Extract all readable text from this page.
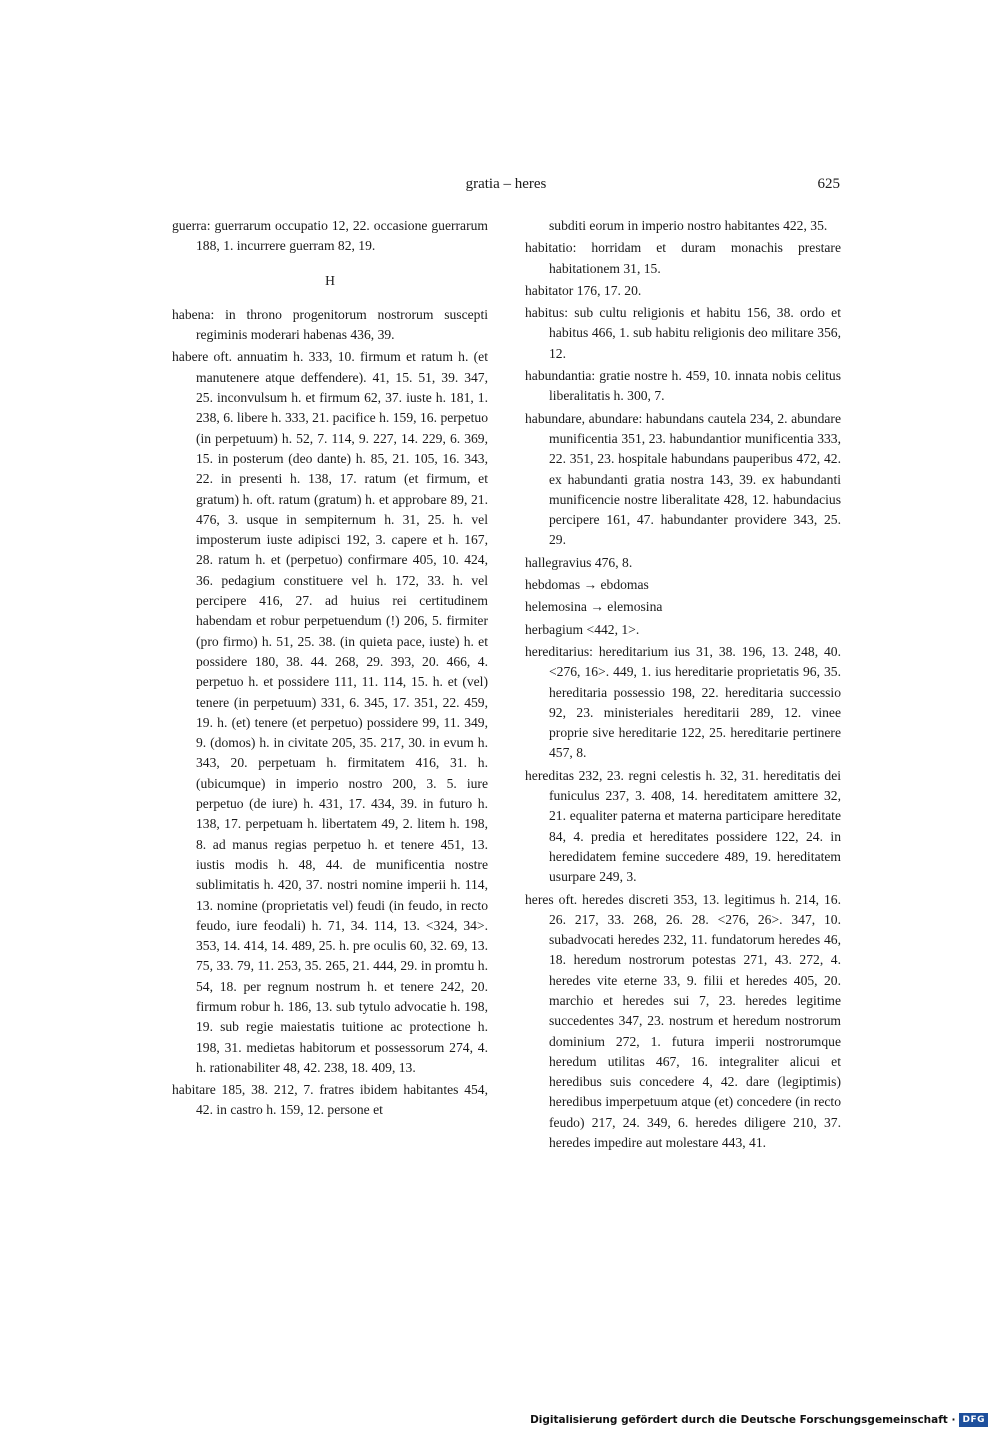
gratia – heres	625

guerra: guerrarum occupatio 12, 22. occasione guerrarum 188, 1. incurrere guerram 82, 19.

H

habena: in throno progenitorum nostrorum suscepti regiminis moderari habenas 436, 39.

habere oft. annuatim h. 333, 10. firmum et ratum h. (et manutenere atque deffendere). 41, 15. 51, 39. 347, 25. inconvulsum h. et firmum 62, 37. iuste h. 181, 1. 238, 6. libere h. 333, 21. pacifice h. 159, 16. perpetuo (in perpetuum) h. 52, 7. 114, 9. 227, 14. 229, 6. 369, 15. in posterum (deo dante) h. 85, 21. 105, 16. 343, 22. in presenti h. 138, 17. ratum (et firmum, et gratum) h. oft. ratum (gratum) h. et approbare 89, 21. 476, 3. usque in sempiternum h. 31, 25. h. vel imposterum iuste adipisci 192, 3. capere et h. 167, 28. ratum h. et (perpetuo) confirmare 405, 10. 424, 36. pedagium constituere vel h. 172, 33. h. vel percipere 416, 27. ad huius rei certitudinem habendam et robur perpetuendum (!) 206, 5. firmiter (pro firmo) h. 51, 25. 38. (in quieta pace, iuste) h. et possidere 180, 38. 44. 268, 29. 393, 20. 466, 4. perpetuo h. et possidere 111, 11. 114, 15. h. et (vel) tenere (in perpetuum) 331, 6. 345, 17. 351, 22. 459, 19. h. (et) tenere (et perpetuo) possidere 99, 11. 349, 9. (domos) h. in civitate 205, 35. 217, 30. in evum h. 343, 20. perpetuam h. firmitatem 416, 31. h. (ubicumque) in imperio nostro 200, 3. 5. iure perpetuo (de iure) h. 431, 17. 434, 39. in futuro h. 138, 17. perpetuam h. libertatem 49, 2. litem h. 198, 8. ad manus regias perpetuo h. et tenere 451, 13. iustis modis h. 48, 44. de munificentia nostre sublimitatis h. 420, 37. nostri nomine imperii h. 114, 13. nomine (proprietatis vel) feudi (in feudo, in recto feudo, iure feodali) h. 71, 34. 114, 13. <324, 34>. 353, 14. 414, 14. 489, 25. h. pre oculis 60, 32. 69, 13. 75, 33. 79, 11. 253, 35. 265, 21. 444, 29. in promtu h. 54, 18. per regnum nostrum h. et tenere 242, 20. firmum robur h. 186, 13. sub tytulo advocatie h. 198, 19. sub regie maiestatis tuitione ac protectione h. 198, 31. medietas habitorum et possessorum 274, 4. h. rationabiliter 48, 42. 238, 18. 409, 13.

habitare 185, 38. 212, 7. fratres ibidem habitantes 454, 42. in castro h. 159, 12. persone et

subditi eorum in imperio nostro habitantes 422, 35.

habitatio: horridam et duram monachis prestare habitationem 31, 15.

habitator 176, 17. 20.

habitus: sub cultu religionis et habitu 156, 38. ordo et habitus 466, 1. sub habitu religionis deo militare 356, 12.

habundantia: gratie nostre h. 459, 10. innata nobis celitus liberalitatis h. 300, 7.

habundare, abundare: habundans cautela 234, 2. abundare munificentia 351, 23. habundantior munificentia 333, 22. 351, 23. hospitale habundans pauperibus 472, 42. ex habundanti gratia nostra 143, 39. ex habundanti munificencie nostre liberalitate 428, 12. habundacius percipere 161, 47. habundanter providere 343, 25. 29.

hallegravius 476, 8.

hebdomas → ebdomas

helemosina → elemosina

herbagium <442, 1>.

hereditarius: hereditarium ius 31, 38. 196, 13. 248, 40. <276, 16>. 449, 1. ius hereditarie proprietatis 96, 35. hereditaria possessio 198, 22. hereditaria successio 92, 23. ministeriales hereditarii 289, 12. vinee proprie sive hereditarie 122, 25. hereditarie pertinere 457, 8.

hereditas 232, 23. regni celestis h. 32, 31. hereditatis dei funiculus 237, 3. 408, 14. hereditatem amittere 32, 21. equaliter paterna et materna participare hereditate 84, 4. predia et hereditates possidere 122, 24. in heredidatem femine succedere 489, 19. hereditatem usurpare 249, 3.

heres oft. heredes discreti 353, 13. legitimus h. 214, 16. 26. 217, 33. 268, 26. 28. <276, 26>. 347, 10. subadvocati heredes 232, 11. fundatorum heredes 46, 18. heredum nostrorum potestas 271, 43. 272, 4. heredes vite eterne 33, 9. filii et heredes 405, 20. marchio et heredes sui 7, 23. heredes legitime succedentes 347, 23. nostrum et heredum nostrorum dominium 272, 1. futura imperii nostrorumque heredum utilitas 467, 16. integraliter alicui et heredibus suis concedere 4, 42. dare (legiptimis) heredibus imperpetuum atque (et) concedere (in recto feudo) 217, 24. 349, 6. heredes diligere 210, 37. heredes impedire aut molestare 443, 41.

Digitalisierung gefördert durch die Deutsche Forschungsgemeinschaft · DFG
